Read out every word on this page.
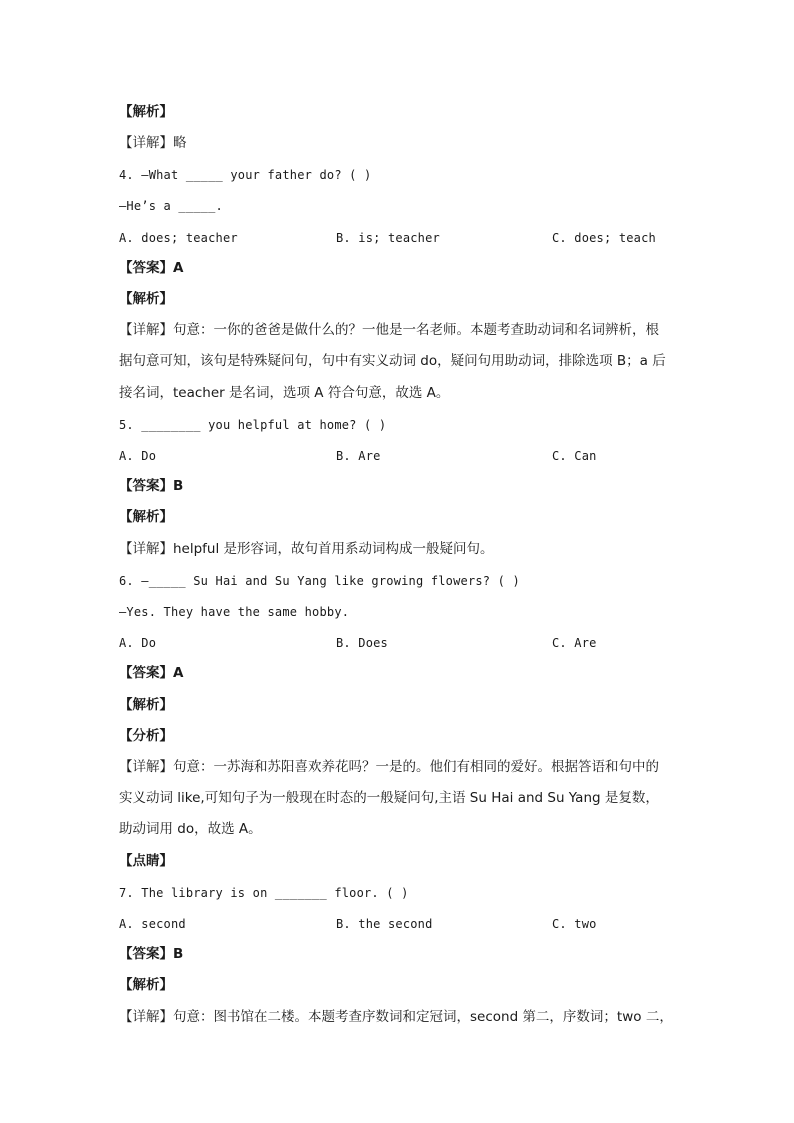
【解析】
【详解】略
4. —What _____ your father do? ( )
—He’s a _____.
A. does; teacher	B. is; teacher	C. does; teach
【答案】A
【解析】
【详解】句意：一你的爸爸是做什么的？一他是一名老师。本题考查助动词和名词辨析，根
据句意可知，该句是特殊疑问句，句中有实义动词 do，疑问句用助动词，排除选项 B；a 后
接名词，teacher 是名词，选项 A 符合句意，故选 A。
5. ________ you helpful at home? ( )
A. Do	B. Are	C. Can
【答案】B
【解析】
【详解】helpful 是形容词，故句首用系动词构成一般疑问句。
6. —_____ Su Hai and Su Yang like growing flowers? ( )
—Yes. They have the same hobby.
A. Do	B. Does	C. Are
【答案】A
【解析】
【分析】
【详解】句意：一苏海和苏阳喜欢养花吗？一是的。他们有相同的爱好。根据答语和句中的
实义动词 like,可知句子为一般现在时态的一般疑问句,主语 Su Hai and Su Yang 是复数，
助动词用 do，故选 A。
【点睛】
7. The library is on _______ floor. ( )
A. second	B. the second	C. two
【答案】B
【解析】
【详解】句意：图书馆在二楼。本题考查序数词和定冠词，second 第二，序数词；two 二，
